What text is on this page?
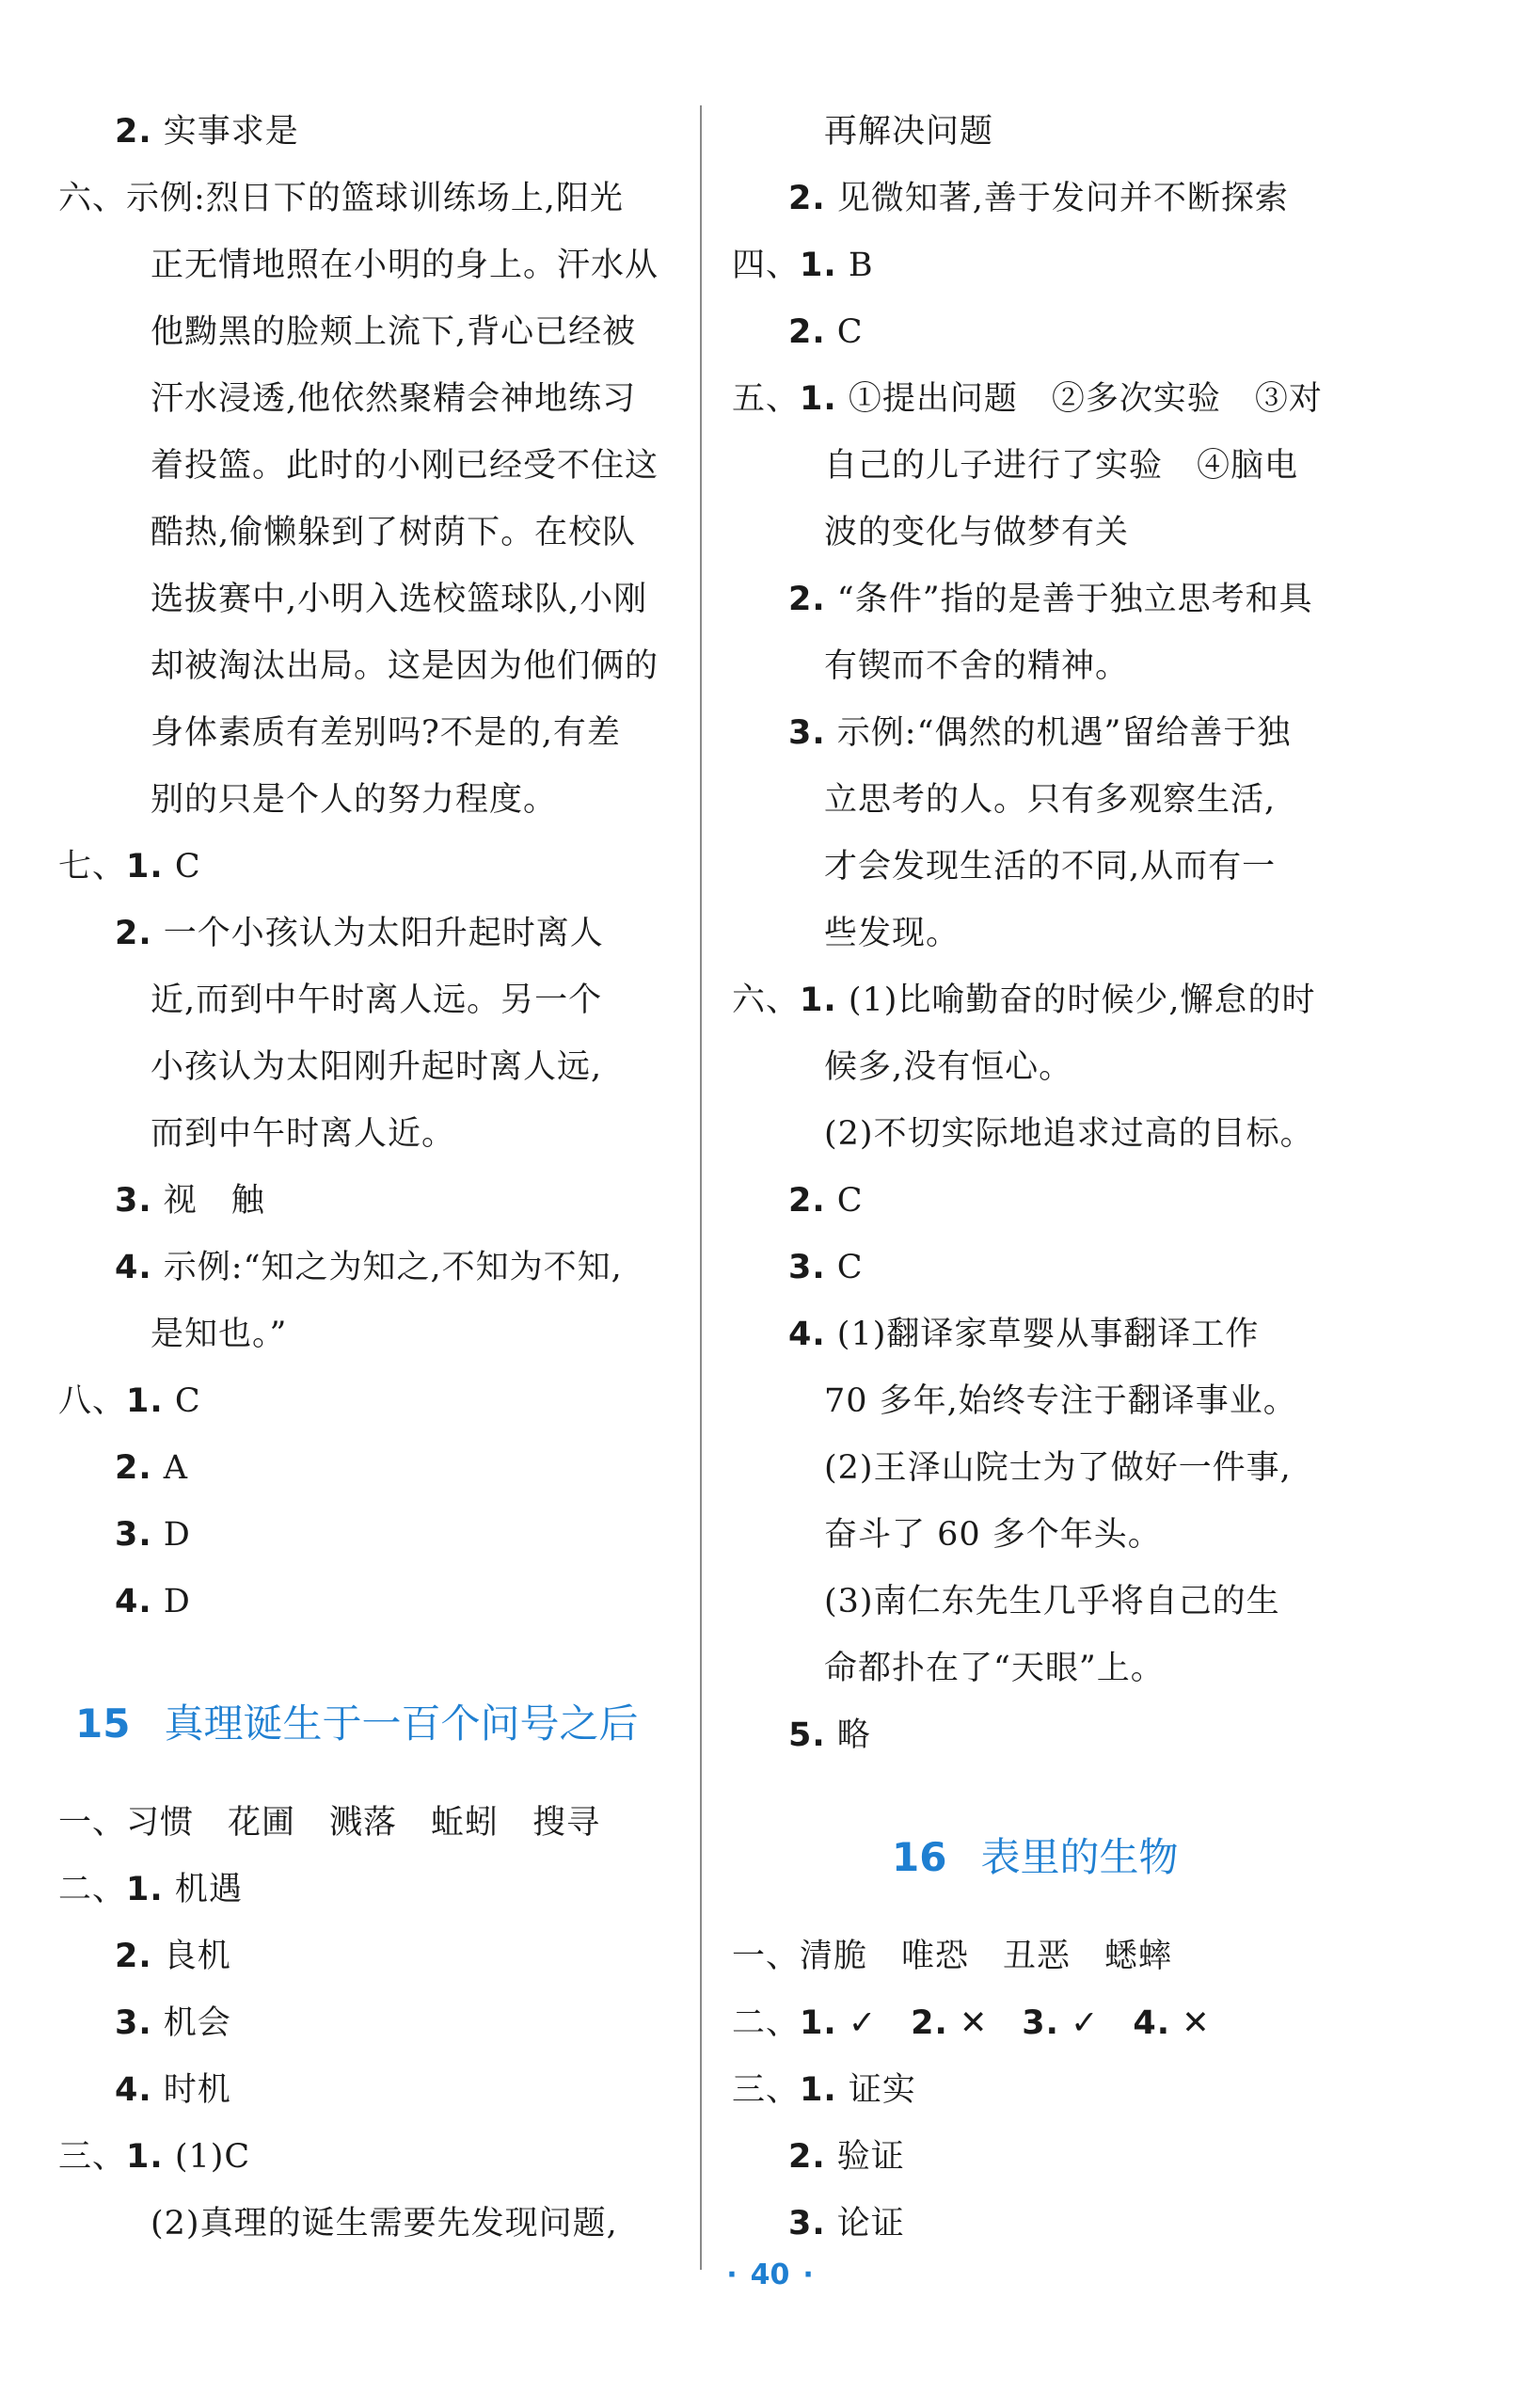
2. 实事求是
六、示例:烈日下的篮球训练场上,阳光
正无情地照在小明的身上。汗水从
他黝黑的脸颊上流下,背心已经被
汗水浸透,他依然聚精会神地练习
着投篮。此时的小刚已经受不住这
酷热,偷懒躲到了树荫下。在校队
选拔赛中,小明入选校篮球队,小刚
却被淘汰出局。这是因为他们俩的
身体素质有差别吗?不是的,有差
别的只是个人的努力程度。
七、1. C
2. 一个小孩认为太阳升起时离人
近,而到中午时离人远。另一个
小孩认为太阳刚升起时离人远,
而到中午时离人近。
3. 视　触
4. 示例:“知之为知之,不知为不知,
是知也。”
八、1. C
2. A
3. D
4. D
15 真理诞生于一百个问号之后
一、习惯　花圃　溅落　蚯蚓　搜寻
二、1. 机遇
2. 良机
3. 机会
4. 时机
三、1. (1)C
(2)真理的诞生需要先发现问题,
再解决问题
2. 见微知著,善于发问并不断探索
四、1. B
2. C
五、1. ①提出问题　②多次实验　③对
自己的儿子进行了实验　④脑电
波的变化与做梦有关
2. “条件”指的是善于独立思考和具
有锲而不舍的精神。
3. 示例:“偶然的机遇”留给善于独
立思考的人。只有多观察生活,
才会发现生活的不同,从而有一
些发现。
六、1. (1)比喻勤奋的时候少,懈怠的时
候多,没有恒心。
(2)不切实际地追求过高的目标。
2. C
3. C
4. (1)翻译家草婴从事翻译工作
70 多年,始终专注于翻译事业。
(2)王泽山院士为了做好一件事,
奋斗了 60 多个年头。
(3)南仁东先生几乎将自己的生
命都扑在了“天眼”上。
5. 略
16 表里的生物
一、清脆　唯恐　丑恶　蟋蟀
二、1. ✓ 2. ✕ 3. ✓ 4. ✕
三、1. 证实
2. 验证
3. 论证
· 40 ·
